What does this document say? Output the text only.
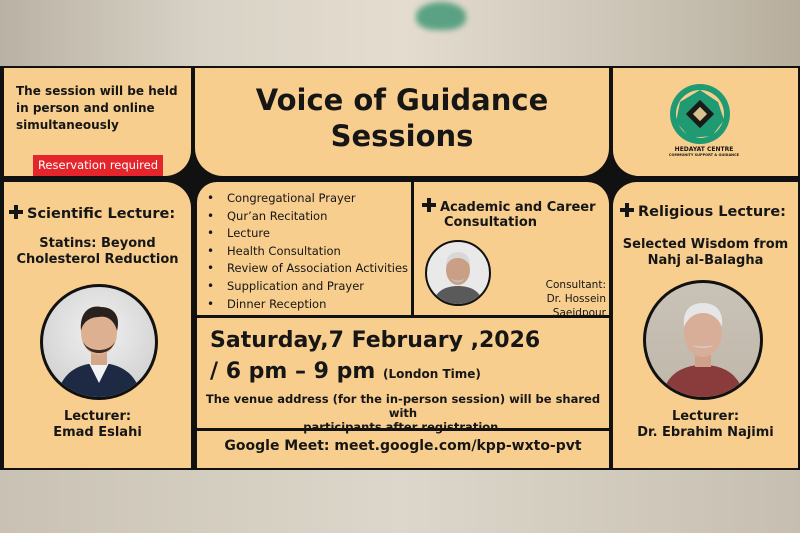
The session will be held in person and online simultaneously
Reservation required
Voice of Guidance
Sessions	HEDAYAT CENTRE
COMMUNITY SUPPORT & GUIDANCE
Scientific Lecture:
Statins: Beyond
Cholesterol Reduction
Lecturer:
Emad Eslahi
• Congregational Prayer
• Qur’an Recitation
• Lecture
• Health Consultation
• Review of Association Activities
• Supplication and Prayer
• Dinner Reception
Academic and Career
Consultation
Consultant:
Dr. Hossein Saeidpour
Religious Lecture:
Selected Wisdom from
Nahj al-Balagha
Lecturer:
Dr. Ebrahim Najimi
Saturday,7 February ,2026
/ 6 pm – 9 pm (London Time)
The venue address (for the in-person session) will be shared with
participants after registration.
Google Meet: meet.google.com/kpp-wxto-pvt
